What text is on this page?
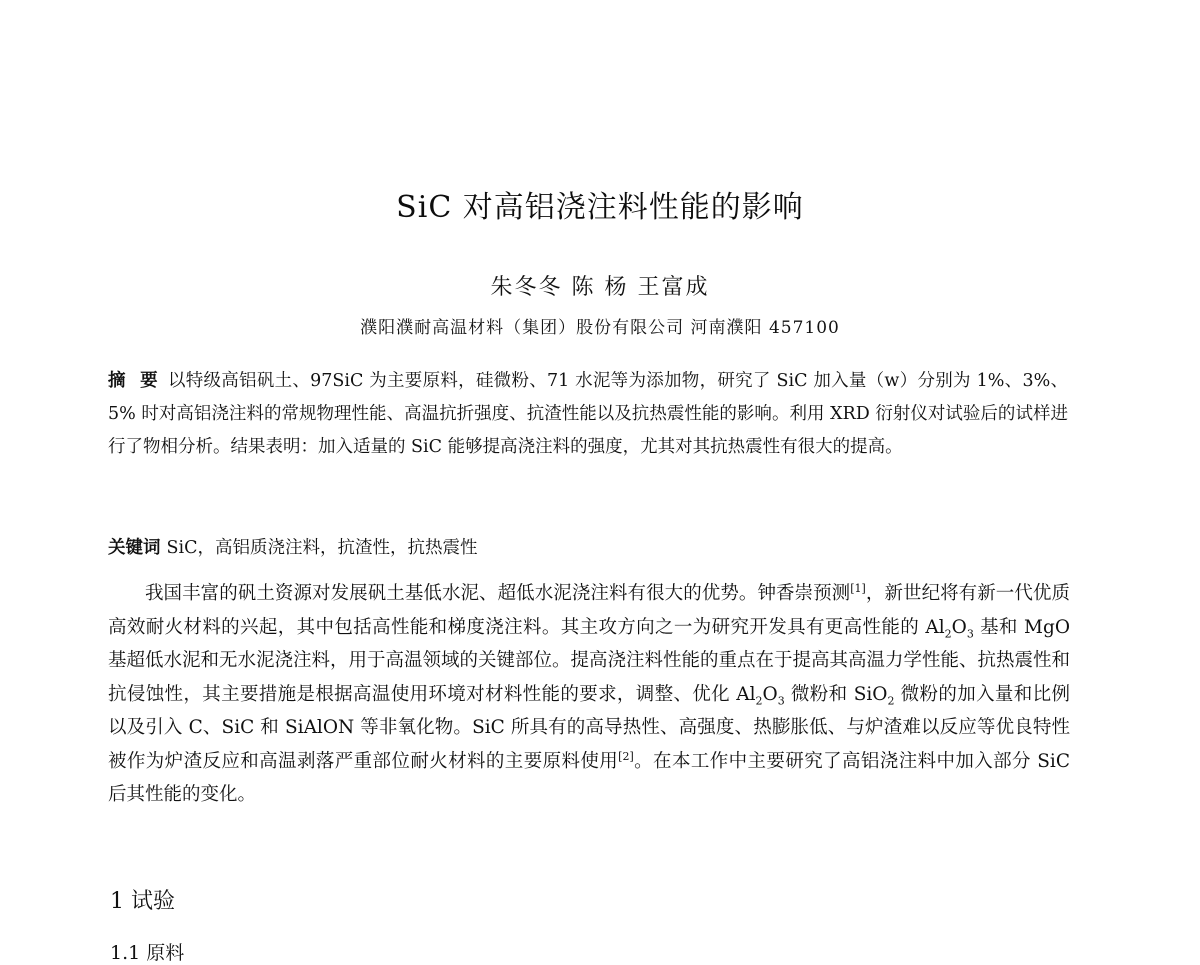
SiC 对高铝浇注料性能的影响
朱冬冬 陈 杨 王富成
濮阳濮耐高温材料（集团）股份有限公司 河南濮阳 457100
摘 要 以特级高铝矾土、97SiC 为主要原料，硅微粉、71 水泥等为添加物，研究了 SiC 加入量（w）分别为 1%、3%、5% 时对高铝浇注料的常规物理性能、高温抗折强度、抗渣性能以及抗热震性能的影响。利用 XRD 衍射仪对试验后的试样进行了物相分析。结果表明：加入适量的 SiC 能够提高浇注料的强度，尤其对其抗热震性有很大的提高。
关键词 SiC，高铝质浇注料，抗渣性，抗热震性
我国丰富的矾土资源对发展矾土基低水泥、超低水泥浇注料有很大的优势。钟香崇预测[1]，新世纪将有新一代优质高效耐火材料的兴起，其中包括高性能和梯度浇注料。其主攻方向之一为研究开发具有更高性能的 $Al_2O_3$ 基和 MgO 基超低水泥和无水泥浇注料，用于高温领域的关键部位。提高浇注料性能的重点在于提高其高温力学性能、抗热震性和抗侵蚀性，其主要措施是根据高温使用环境对材料性能的要求，调整、优化 $Al_2O_3$ 微粉和 SiO$_2$ 微粉的加入量和比例以及引入 C、SiC 和 SiAlON 等非氧化物。SiC 所具有的高导热性、高强度、热膨胀低、与炉渣难以反应等优良特性被作为炉渣反应和高温剥落严重部位耐火材料的主要原料使用[2]。在本工作中主要研究了高铝浇注料中加入部分 SiC 后其性能的变化。
1 试验
1.1 原料
